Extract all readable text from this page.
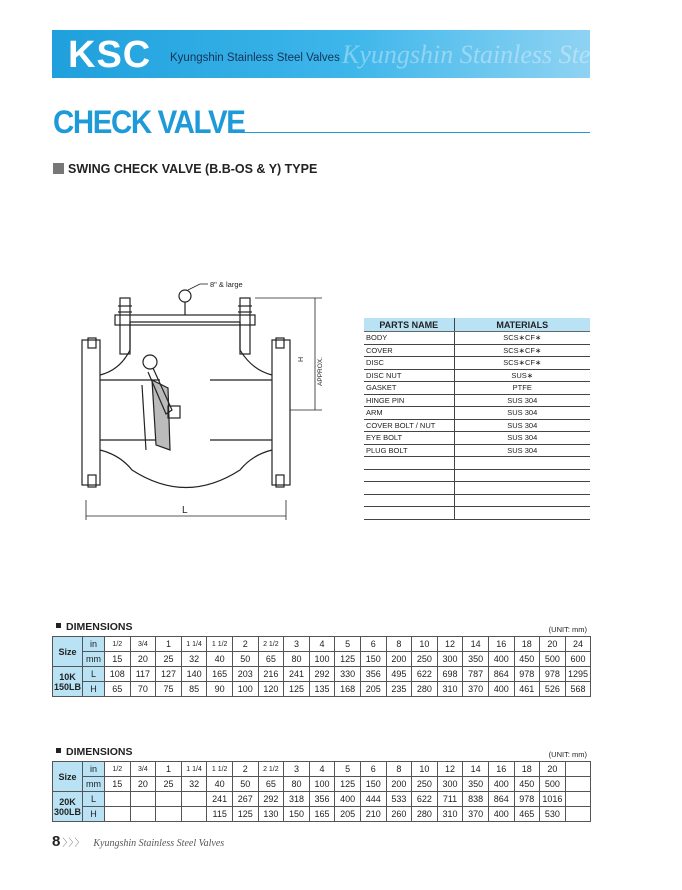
Kyungshin Stainless Steel Valves
KSC Kyungshin Stainless Steel Valves
CHECK VALVE
SWING CHECK VALVE (B.B-OS & Y) TYPE
8" & large
H APPROX.
L
PARTS NAME	MATERIALS
BODY	SCS∗CF∗
COVER	SCS∗CF∗
DISC	SCS∗CF∗
DISC NUT	SUS∗
GASKET	PTFE
HINGE PIN	SUS 304
ARM	SUS 304
COVER BOLT / NUT	SUS 304
EYE BOLT	SUS 304
PLUG BOLT	SUS 304

DIMENSIONS	(UNIT: mm)
Size	in	1/2	3/4	1	1 1/4	1 1/2	2	2 1/2	3	4	5	6	8	10	12	14	16	18	20	24
	mm	15	20	25	32	40	50	65	80	100	125	150	200	250	300	350	400	450	500	600

10K
150LB	L	108	117	127	140	165	203	216	241	292	330	356	495	622	698	787	864	978	978	1295
	H	65	70	75	85	90	100	120	125	135	168	205	235	280	310	370	400	461	526	568
DIMENSIONS	(UNIT: mm)
Size	in	1/2	3/4	1	1 1/4	1 1/2	2	2 1/2	3	4	5	6	8	10	12	14	16	18	20	
	mm	15	20	25	32	40	50	65	80	100	125	150	200	250	300	350	400	450	500	

20K
300LB	L					241	267	292	318	356	400	444	533	622	711	838	864	978	1016	
	H					115	125	130	150	165	205	210	260	280	310	370	400	465	530	
8 〉〉〉 Kyungshin Stainless Steel Valves
